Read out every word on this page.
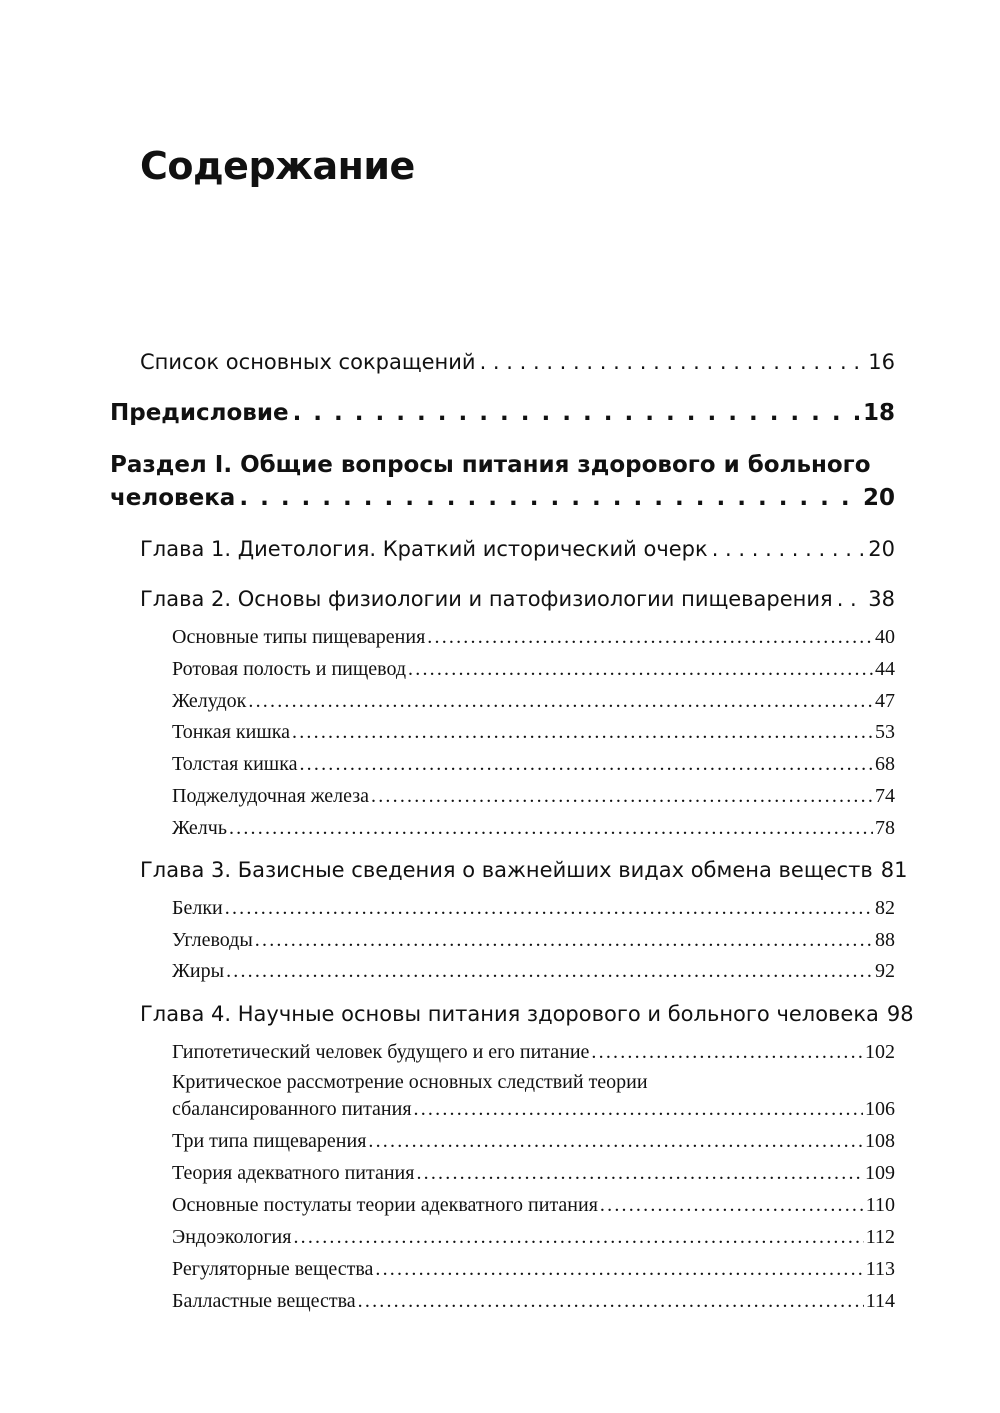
Содержание
Список основных сокращений . . .	16
Предисловие . . .	18
Раздел I. Общие вопросы питания здорового и больного
человека . . .	20
Глава 1. Диетология. Краткий исторический очерк . . .	20
Глава 2. Основы физиологии и патофизиологии пищеварения . . . 38
Основные типы пищеварения .....	40
Ротовая полость и пищевод .....	44
Желудок .....	47
Тонкая кишка .....	53
Толстая кишка .....	68
Поджелудочная железа .....	74
Желчь .....	78
Глава 3. Базисные сведения о важнейших видах обмена веществ 81
Белки .....	82
Углеводы .....	88
Жиры .....	92
Глава 4. Научные основы питания здорового и больного человека 98
Гипотетический человек будущего и его питание .....	102
Критическое рассмотрение основных следствий теории
сбалансированного питания .....	106
Три типа пищеварения .....	108
Теория адекватного питания .....	109
Основные постулаты теории адекватного питания .....	110
Эндоэкология .....	112
Регуляторные вещества .....	113
Балластные вещества .....	114
